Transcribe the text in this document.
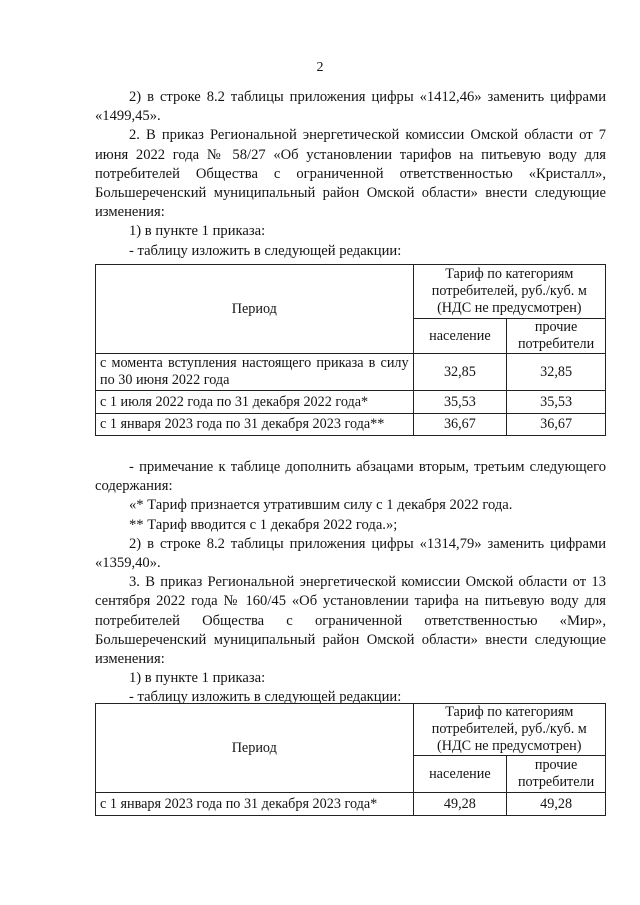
2

2) в строке 8.2 таблицы приложения цифры «1412,46» заменить цифрами «1499,45».

2. В приказ Региональной энергетической комиссии Омской области от 7 июня 2022 года № 58/27 «Об установлении тарифов на питьевую воду для потребителей Общества с ограниченной ответственностью «Кристалл», Большереченский муниципальный район Омской области» внести следующие изменения:

1) в пункте 1 приказа:

- таблицу изложить в следующей редакции:

Период	Тариф по категориям потребителей, руб./куб. м (НДС не предусмотрен)	
	население	прочие потребители
с момента вступления настоящего приказа в силу по 30 июня 2022 года	32,85	32,85
с 1 июля 2022 года по 31 декабря 2022 года*	35,53	35,53
с 1 января 2023 года по 31 декабря 2023 года**	36,67	36,67

- примечание к таблице дополнить абзацами вторым, третьим следующего содержания:

«* Тариф признается утратившим силу с 1 декабря 2022 года.

** Тариф вводится с 1 декабря 2022 года.»;

2) в строке 8.2 таблицы приложения цифры «1314,79» заменить цифрами «1359,40».

3. В приказ Региональной энергетической комиссии Омской области от 13 сентября 2022 года № 160/45 «Об установлении тарифа на питьевую воду для потребителей Общества с ограниченной ответственностью «Мир», Большереченский муниципальный район Омской области» внести следующие изменения:

1) в пункте 1 приказа:

- таблицу изложить в следующей редакции:

Период	Тариф по категориям потребителей, руб./куб. м (НДС не предусмотрен)	
	население	прочие потребители
с 1 января 2023 года по 31 декабря 2023 года*	49,28	49,28
